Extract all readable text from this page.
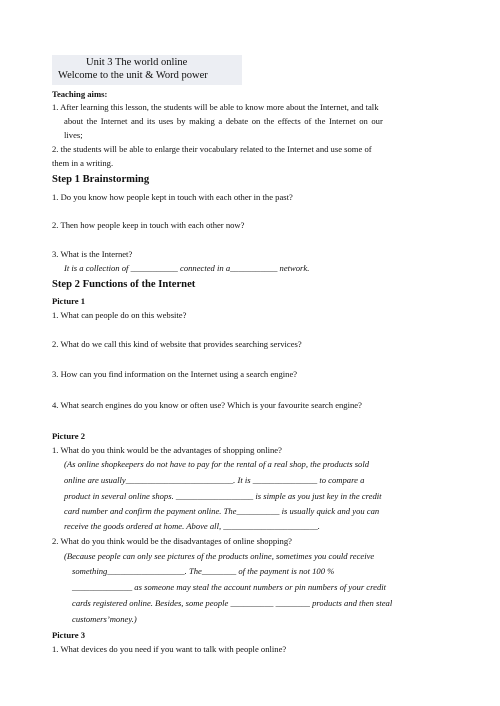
Unit 3 The world online
Welcome to the unit & Word power
Teaching aims:
1. After learning this lesson, the students will be able to know more about the Internet, and talk
about the Internet and its uses by making a debate on the effects of the Internet on our
lives;
2. the students will be able to enlarge their vocabulary related to the Internet and use some of
them in a writing.
Step 1 Brainstorming
1. Do you know how people kept in touch with each other in the past?
2. Then how people keep in touch with each other now?
3. What is the Internet?
It is a collection of ___________ connected in a___________ network.
Step 2 Functions of the Internet
Picture 1
1. What can people do on this website?
2. What do we call this kind of website that provides searching services?
3. How can you find information on the Internet using a search engine?
4. What search engines do you know or often use? Which is your favourite search engine?
Picture 2
1. What do you think would be the advantages of shopping online?
(As online shopkeepers do not have to pay for the rental of a real shop, the products sold
online are usually_________________________. It is _______________ to compare a
product in several online shops. __________________ is simple as you just key in the credit
card number and confirm the payment online. The__________ is usually quick and you can
receive the goods ordered at home. Above all, ______________________.
2. What do you think would be the disadvantages of online shopping?
(Because people can only see pictures of the products online, sometimes you could receive
something__________________. The________ of the payment is not 100 %
______________ as someone may steal the account numbers or pin numbers of your credit
cards registered online. Besides, some people __________ ________ products and then steal
customers’money.)
Picture 3
1. What devices do you need if you want to talk with people online?
